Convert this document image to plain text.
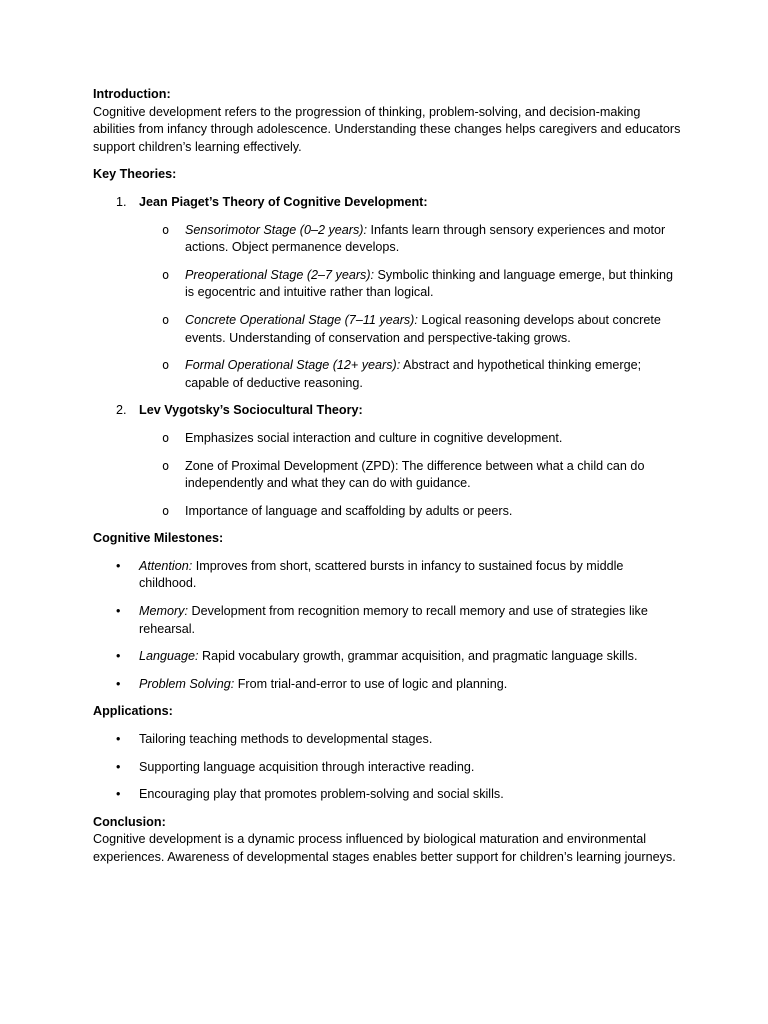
Introduction:

Cognitive development refers to the progression of thinking, problem-solving, and decision-making abilities from infancy through adolescence. Understanding these changes helps caregivers and educators support children’s learning effectively.

Key Theories:

1. Jean Piaget’s Theory of Cognitive Development:
o Sensorimotor Stage (0–2 years): Infants learn through sensory experiences and motor actions. Object permanence develops.
o Preoperational Stage (2–7 years): Symbolic thinking and language emerge, but thinking is egocentric and intuitive rather than logical.
o Concrete Operational Stage (7–11 years): Logical reasoning develops about concrete events. Understanding of conservation and perspective-taking grows.
o Formal Operational Stage (12+ years): Abstract and hypothetical thinking emerge; capable of deductive reasoning.
2. Lev Vygotsky’s Sociocultural Theory:
o Emphasizes social interaction and culture in cognitive development.
o Zone of Proximal Development (ZPD): The difference between what a child can do independently and what they can do with guidance.
o Importance of language and scaffolding by adults or peers.

Cognitive Milestones:

• Attention: Improves from short, scattered bursts in infancy to sustained focus by middle childhood.
• Memory: Development from recognition memory to recall memory and use of strategies like rehearsal.
• Language: Rapid vocabulary growth, grammar acquisition, and pragmatic language skills.
• Problem Solving: From trial-and-error to use of logic and planning.

Applications:

• Tailoring teaching methods to developmental stages.
• Supporting language acquisition through interactive reading.
• Encouraging play that promotes problem-solving and social skills.

Conclusion:

Cognitive development is a dynamic process influenced by biological maturation and environmental experiences. Awareness of developmental stages enables better support for children’s learning journeys.
